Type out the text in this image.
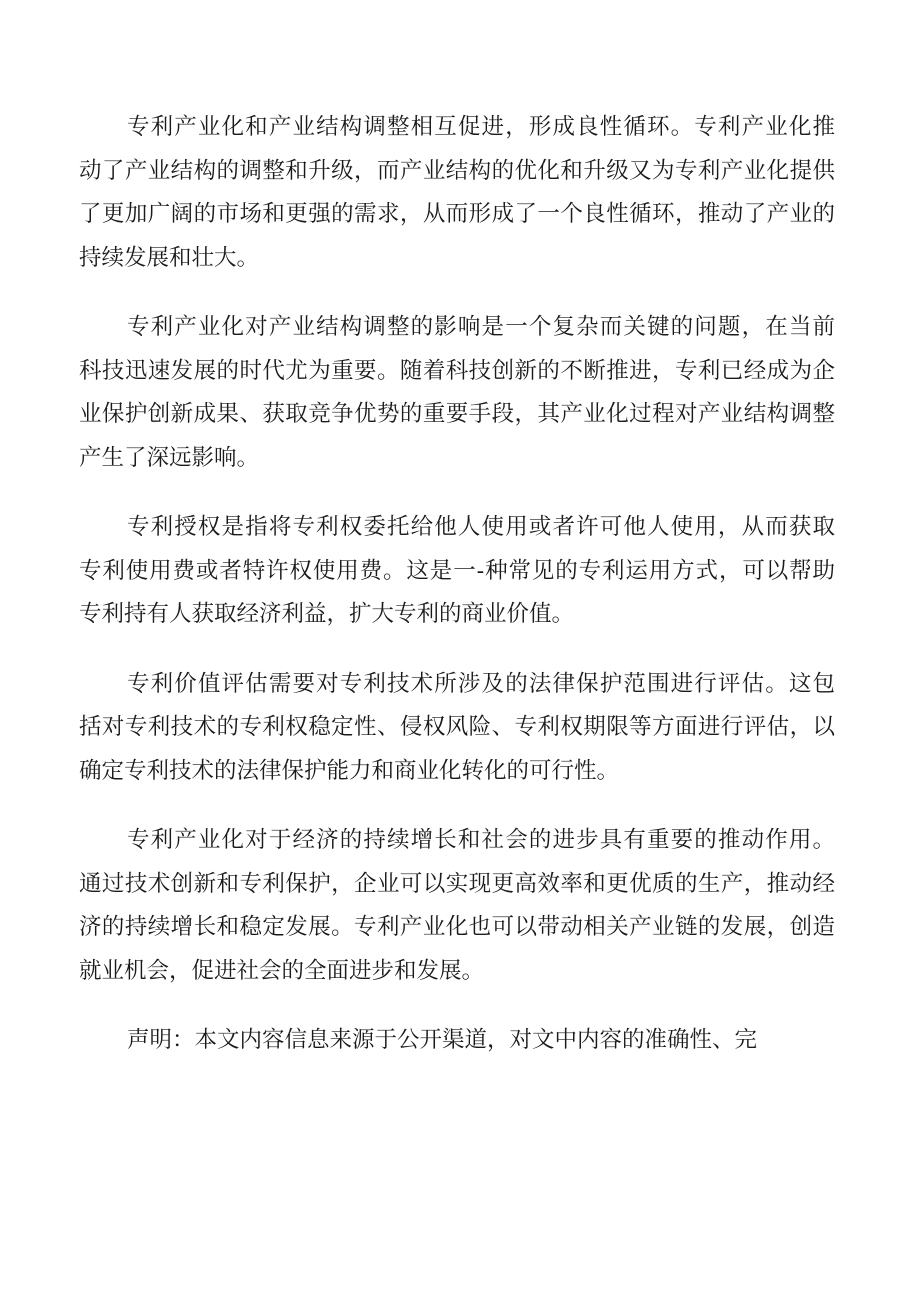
专利产业化和产业结构调整相互促进，形成良性循环。专利产业化推
动了产业结构的调整和升级，而产业结构的优化和升级又为专利产业化提供
了更加广阔的市场和更强的需求，从而形成了一个良性循环，推动了产业的
持续发展和壮大。
专利产业化对产业结构调整的影响是一个复杂而关键的问题，在当前
科技迅速发展的时代尤为重要。随着科技创新的不断推进，专利已经成为企
业保护创新成果、获取竞争优势的重要手段，其产业化过程对产业结构调整
产生了深远影响。
专利授权是指将专利权委托给他人使用或者许可他人使用，从而获取
专利使用费或者特许权使用费。这是一-种常见的专利运用方式，可以帮助
专利持有人获取经济利益，扩大专利的商业价值。
专利价值评估需要对专利技术所涉及的法律保护范围进行评估。这包
括对专利技术的专利权稳定性、侵权风险、专利权期限等方面进行评估，以
确定专利技术的法律保护能力和商业化转化的可行性。
专利产业化对于经济的持续增长和社会的进步具有重要的推动作用。
通过技术创新和专利保护，企业可以实现更高效率和更优质的生产，推动经
济的持续增长和稳定发展。专利产业化也可以带动相关产业链的发展，创造
就业机会，促进社会的全面进步和发展。
声明：本文内容信息来源于公开渠道，对文中内容的准确性、完
